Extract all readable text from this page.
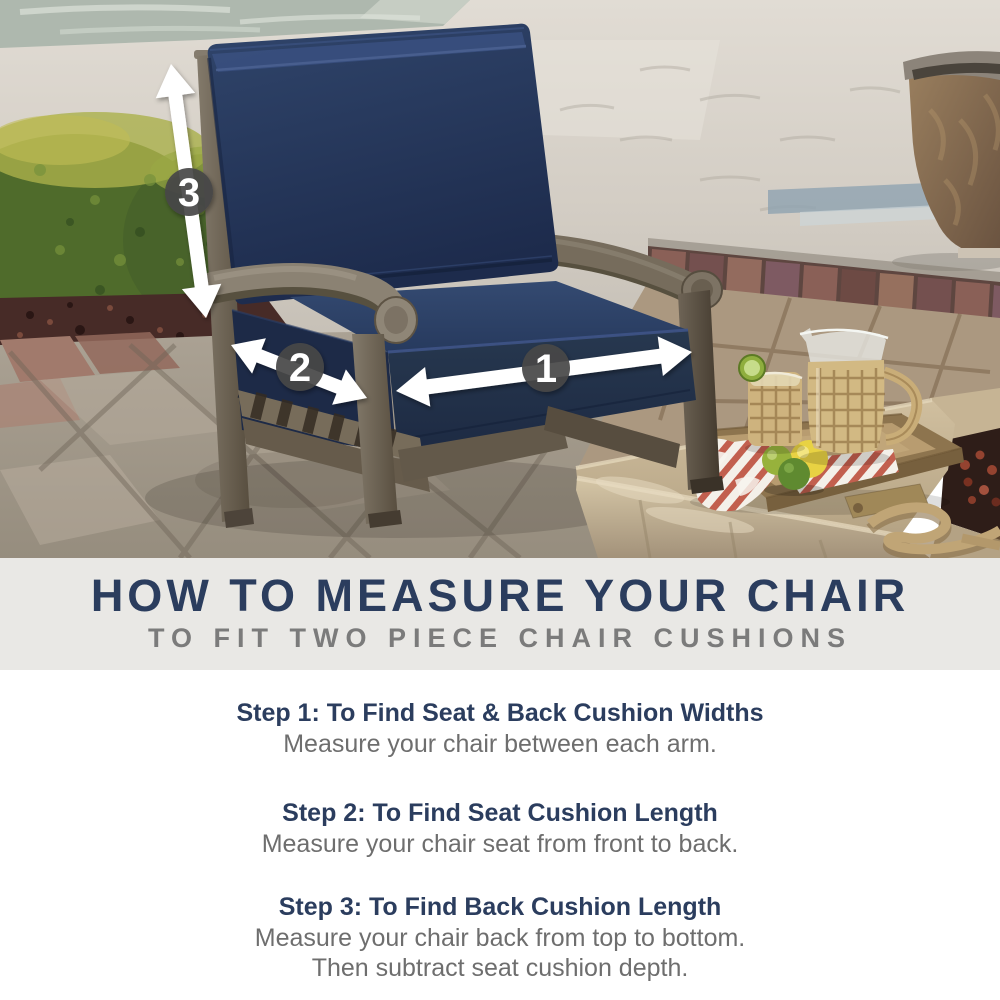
3
2	1
HOW TO MEASURE YOUR CHAIR
TO FIT TWO PIECE CHAIR CUSHIONS
Step 1: To Find Seat & Back Cushion Widths
Measure your chair between each arm.
Step 2: To Find Seat Cushion Length
Measure your chair seat from front to back.
Step 3: To Find Back Cushion Length
Measure your chair back from top to bottom.
Then subtract seat cushion depth.
